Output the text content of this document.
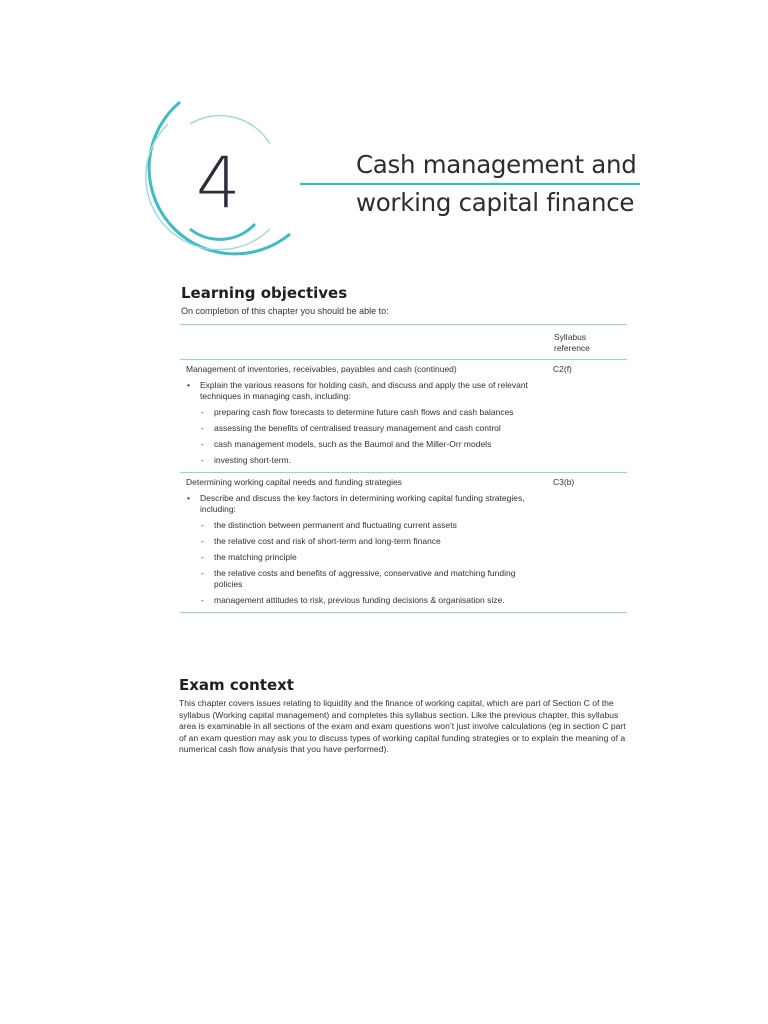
4	Cash management and
working capital finance
Learning objectives
On completion of this chapter you should be able to:
Syllabus
reference
Management of inventories, receivables, payables and cash (continued)	C2(f)
• Explain the various reasons for holding cash, and discuss and apply the use of relevant techniques in managing cash, including:
- preparing cash flow forecasts to determine future cash flows and cash balances
- assessing the benefits of centralised treasury management and cash control
- cash management models, such as the Baumol and the Miller-Orr models
- investing short-term.
Determining working capital needs and funding strategies	C3(b)
• Describe and discuss the key factors in determining working capital funding strategies, including:
- the distinction between permanent and fluctuating current assets
- the relative cost and risk of short-term and long-term finance
- the matching principle
- the relative costs and benefits of aggressive, conservative and matching funding policies
- management attitudes to risk, previous funding decisions & organisation size.
Exam context
This chapter covers issues relating to liquidity and the finance of working capital, which are part of Section C of the syllabus (Working capital management) and completes this syllabus section. Like the previous chapter, this syllabus area is examinable in all sections of the exam and exam questions won’t just involve calculations (eg in section C part of an exam question may ask you to discuss types of working capital funding strategies or to explain the meaning of a numerical cash flow analysis that you have performed).
